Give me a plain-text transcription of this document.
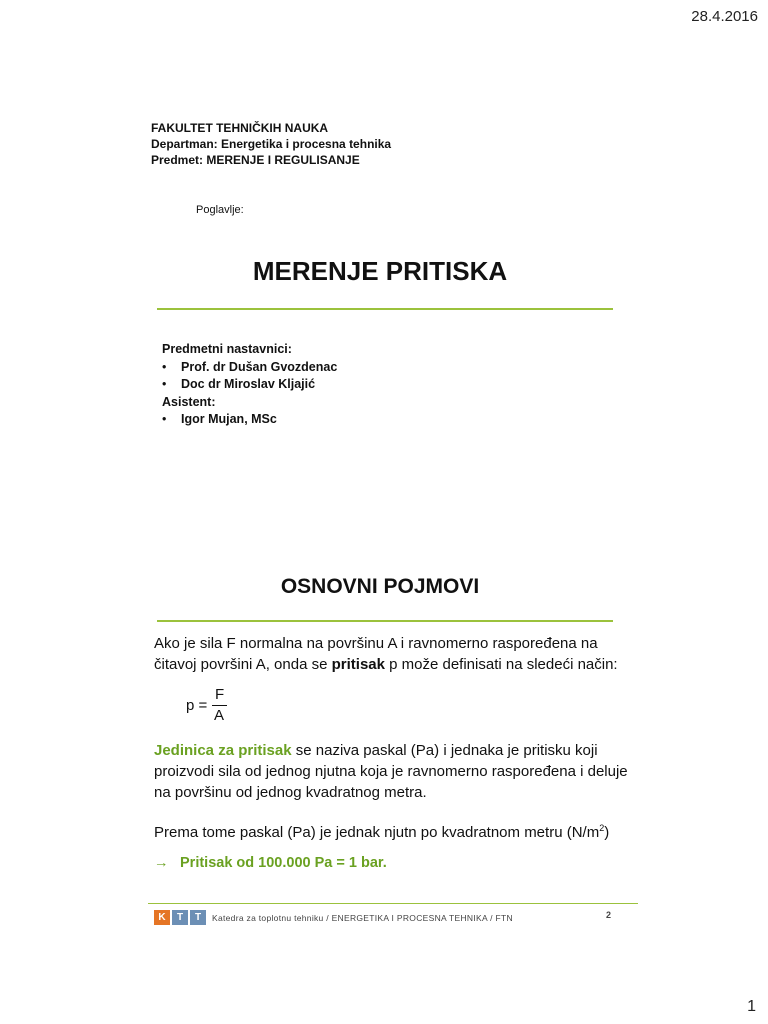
28.4.2016
FAKULTET TEHNIČKIH NAUKA
Departman: Energetika i procesna tehnika
Predmet: MERENJE I REGULISANJE
Poglavlje:
MERENJE PRITISKA
Predmetni nastavnici:
• Prof. dr Dušan Gvozdenac
• Doc dr Miroslav Kljajić
Asistent:
• Igor Mujan, MSc
OSNOVNI POJMOVI
Ako je sila F normalna na površinu A i ravnomerno raspoređena na čitavoj površini A, onda se pritisak p može definisati na sledeći način:
p =
F
A
Jedinica za pritisak se naziva paskal (Pa) i jednaka je pritisku koji proizvodi sila od jednog njutna koja je ravnomerno raspoređena i deluje na površinu od jednog kvadratnog metra.
Prema tome paskal (Pa) je jednak njutn po kvadratnom metru $(N/m^2)$
→ Pritisak od 100.000 Pa = 1 bar.
K	T	T	Katedra za toplotnu tehniku / ENERGETIKA I PROCESNA TEHNIKA / FTN	2
1
